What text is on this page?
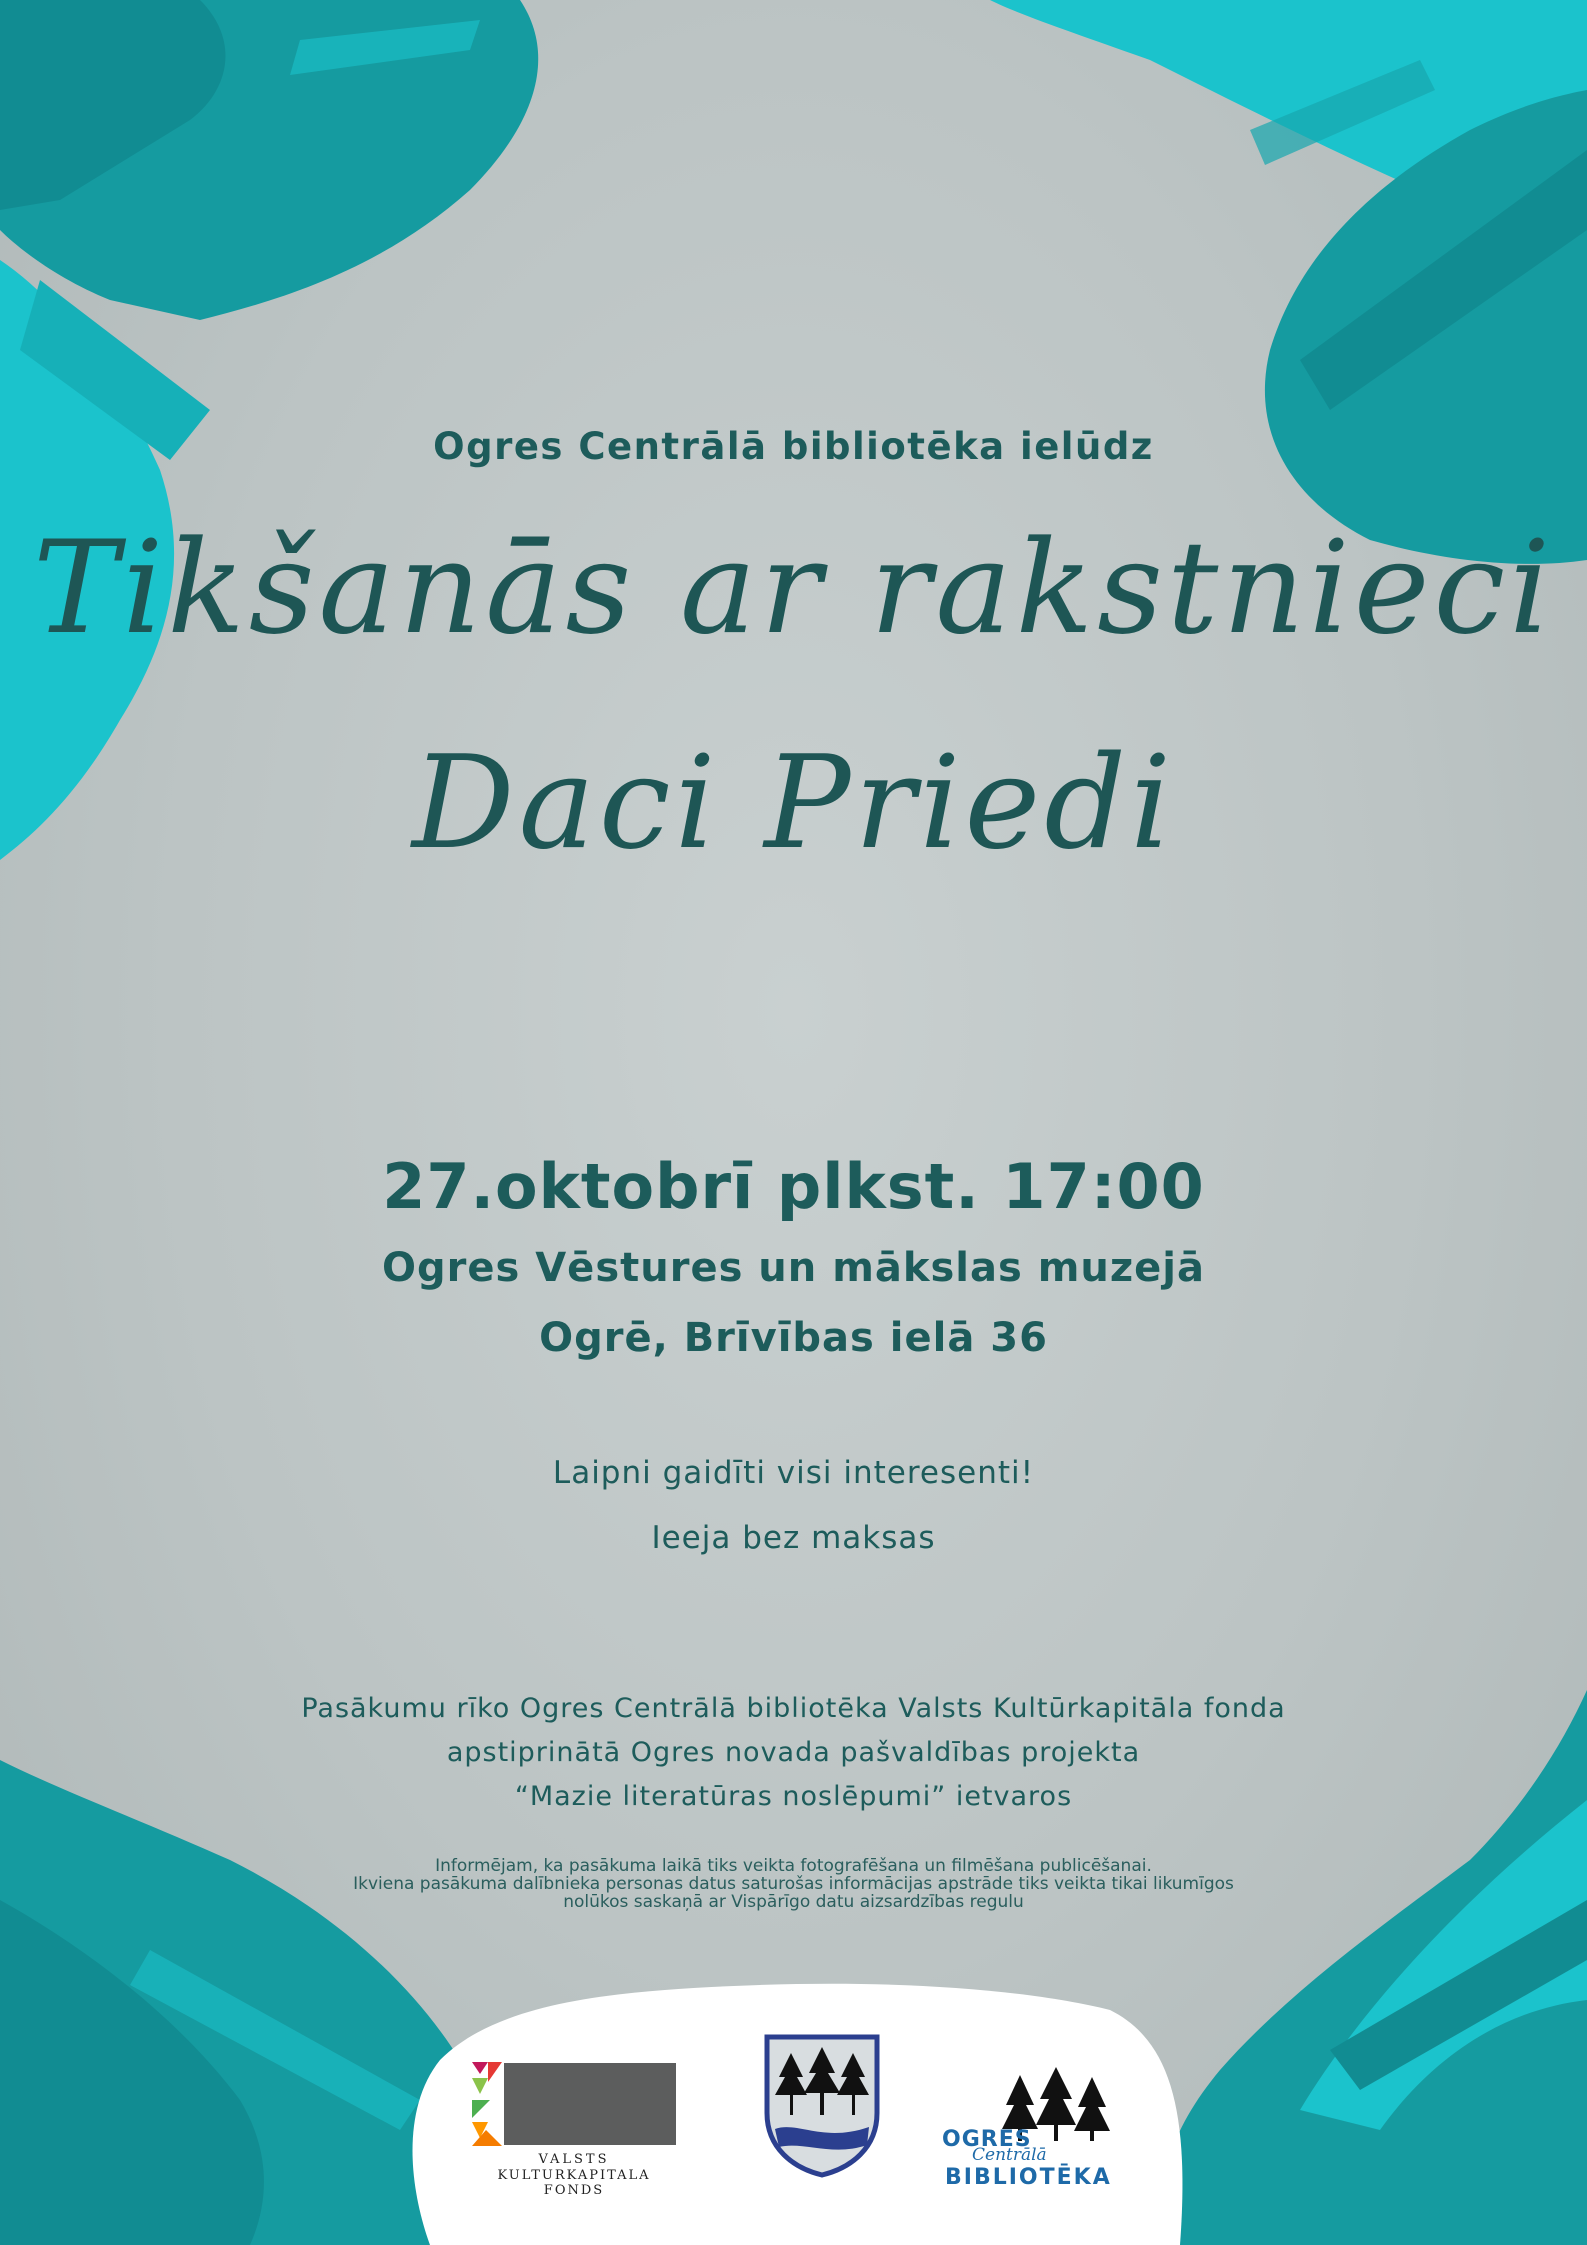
Ogres Centrālā bibliotēka ielūdz
Tikšanās ar rakstnieci
Daci Priedi
27.oktobrī plkst. 17:00
Ogres Vēstures un mākslas muzejā
Ogrē, Brīvības ielā 36
Laipni gaidīti visi interesenti!
Ieeja bez maksas
Pasākumu rīko Ogres Centrālā bibliotēka Valsts Kultūrkapitāla fonda
apstiprinātā Ogres novada pašvaldības projekta
“Mazie literatūras noslēpumi” ietvaros
Informējam, ka pasākuma laikā tiks veikta fotografēšana un filmēšana publicēšanai.
Ikviena pasākuma dalībnieka personas datus saturošas informācijas apstrāde tiks veikta tikai likumīgos
nolūkos saskaņā ar Vispārīgo datu aizsardzības regulu
VALSTS
KULTURKAPITALA FONDS
OGRES
Centrālā
BIBLIOTĒKA
